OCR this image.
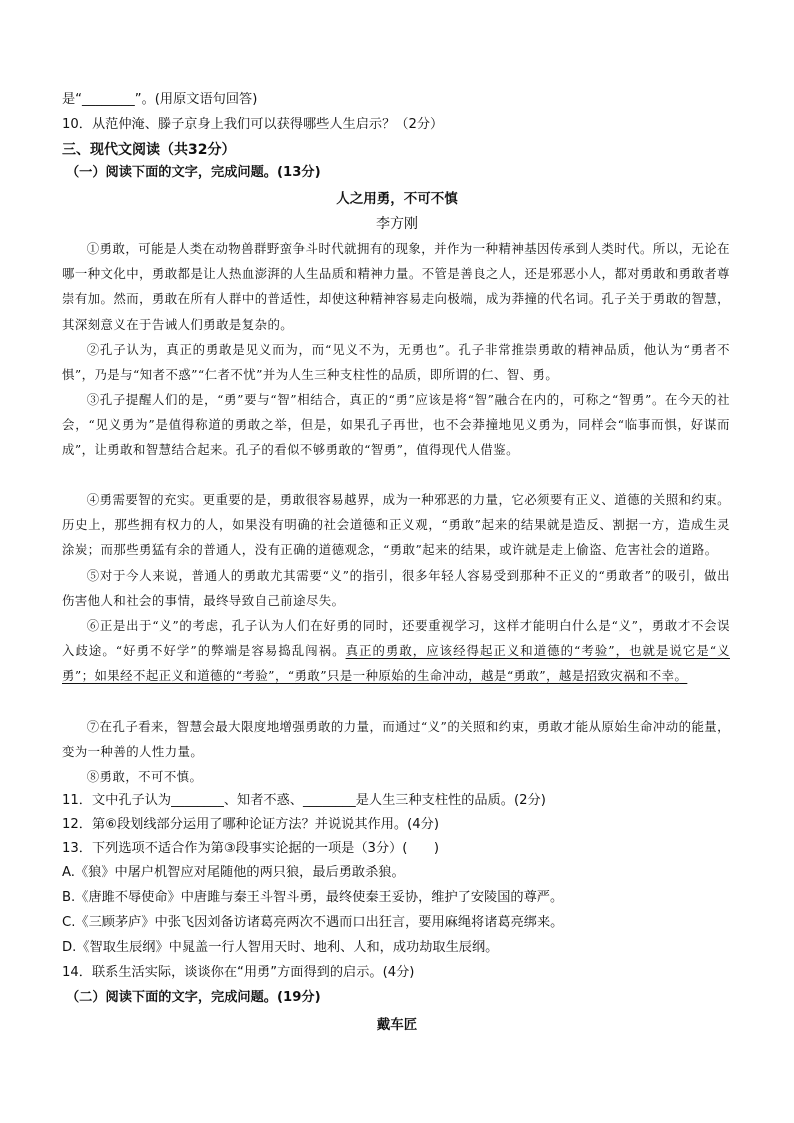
是“________”。(用原文语句回答)
10．从范仲淹、滕子京身上我们可以获得哪些人生启示？（2分）
三、现代文阅读（共32分）
（一）阅读下面的文字，完成问题。(13分)
人之用勇，不可不慎
李方刚
①勇敢，可能是人类在动物兽群野蛮争斗时代就拥有的现象，并作为一种精神基因传承到人类时代。所以，无论在哪一种文化中，勇敢都是让人热血澎湃的人生品质和精神力量。不管是善良之人，还是邪恶小人，都对勇敢和勇敢者尊崇有加。然而，勇敢在所有人群中的普适性，却使这种精神容易走向极端，成为莽撞的代名词。孔子关于勇敢的智慧，其深刻意义在于告诫人们勇敢是复杂的。
②孔子认为，真正的勇敢是见义而为，而“见义不为，无勇也”。孔子非常推崇勇敢的精神品质，他认为“勇者不惧”，乃是与“知者不惑”“仁者不忧”并为人生三种支柱性的品质，即所谓的仁、智、勇。
③孔子提醒人们的是，“勇”要与“智”相结合，真正的“勇”应该是将“智”融合在内的，可称之“智勇”。在今天的社会，“见义勇为”是值得称道的勇敢之举，但是，如果孔子再世，也不会莽撞地见义勇为，同样会“临事而惧，好谋而成”，让勇敢和智慧结合起来。孔子的看似不够勇敢的“智勇”，值得现代人借鉴。
④勇需要智的充实。更重要的是，勇敢很容易越界，成为一种邪恶的力量，它必须要有正义、道德的关照和约束。历史上，那些拥有权力的人，如果没有明确的社会道德和正义观，“勇敢”起来的结果就是造反、割据一方，造成生灵涂炭；而那些勇猛有余的普通人，没有正确的道德观念，“勇敢”起来的结果，或许就是走上偷盗、危害社会的道路。
⑤对于今人来说，普通人的勇敢尤其需要“义”的指引，很多年轻人容易受到那种不正义的“勇敢者”的吸引，做出伤害他人和社会的事情，最终导致自己前途尽失。
⑥正是出于“义”的考虑，孔子认为人们在好勇的同时，还要重视学习，这样才能明白什么是“义”，勇敢才不会误入歧途。“好勇不好学”的弊端是容易捣乱闯祸。真正的勇敢，应该经得起正义和道德的“考验”，也就是说它是“义勇”；如果经不起正义和道德的“考验”，“勇敢”只是一种原始的生命冲动，越是“勇敢”，越是招致灾祸和不幸。
⑦在孔子看来，智慧会最大限度地增强勇敢的力量，而通过“义”的关照和约束，勇敢才能从原始生命冲动的能量，变为一种善的人性力量。
⑧勇敢，不可不慎。
11．文中孔子认为________、知者不惑、________是人生三种支柱性的品质。(2分)
12．第⑥段划线部分运用了哪种论证方法？并说说其作用。(4分)
13．下列选项不适合作为第③段事实论据的一项是（3分）(　　)
A.《狼》中屠户机智应对尾随他的两只狼，最后勇敢杀狼。
B.《唐雎不辱使命》中唐雎与秦王斗智斗勇，最终使秦王妥协，维护了安陵国的尊严。
C.《三顾茅庐》中张飞因刘备访诸葛亮两次不遇而口出狂言，要用麻绳将诸葛亮绑来。
D.《智取生辰纲》中晁盖一行人智用天时、地利、人和，成功劫取生辰纲。
14．联系生活实际，谈谈你在“用勇”方面得到的启示。(4分)
（二）阅读下面的文字，完成问题。(19分)
戴车匠
